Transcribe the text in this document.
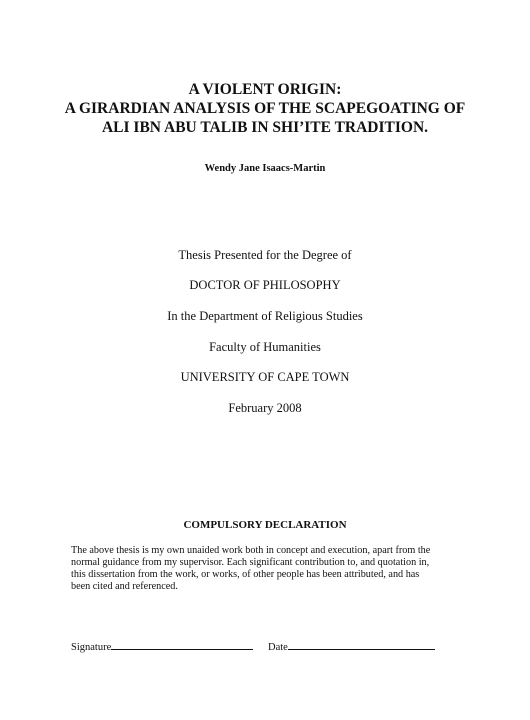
A VIOLENT ORIGIN:
A GIRARDIAN ANALYSIS OF THE SCAPEGOATING OF
ALI IBN ABU TALIB IN SHI’ITE TRADITION.
Wendy Jane Isaacs-Martin
Thesis Presented for the Degree of
DOCTOR OF PHILOSOPHY
In the Department of Religious Studies
Faculty of Humanities
UNIVERSITY OF CAPE TOWN
February 2008
COMPULSORY DECLARATION
The above thesis is my own unaided work both in concept and execution, apart from the
normal guidance from my supervisor. Each significant contribution to, and quotation in,
this dissertation from the work, or works, of other people has been attributed, and has
been cited and referenced.
Signature	Date
